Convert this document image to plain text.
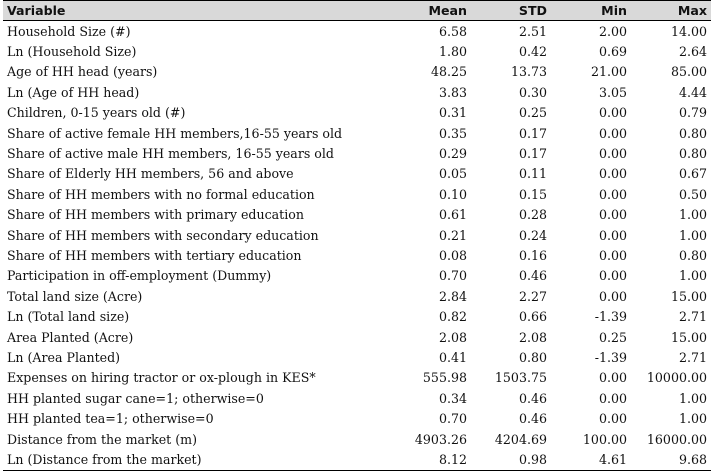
Variable	Mean	STD	Min	Max
Household Size (#)	6.58	2.51	2.00	14.00
Ln (Household Size)	1.80	0.42	0.69	2.64
Age of HH head (years)	48.25	13.73	21.00	85.00
Ln (Age of HH head)	3.83	0.30	3.05	4.44
Children, 0-15 years old (#)	0.31	0.25	0.00	0.79
Share of active female HH members,16-55 years old	0.35	0.17	0.00	0.80
Share of active male HH members, 16-55 years old	0.29	0.17	0.00	0.80
Share of Elderly HH members, 56 and above	0.05	0.11	0.00	0.67
Share of HH members with no formal education	0.10	0.15	0.00	0.50
Share of HH members with primary education	0.61	0.28	0.00	1.00
Share of HH members with secondary education	0.21	0.24	0.00	1.00
Share of HH members with tertiary education	0.08	0.16	0.00	0.80
Participation in off-employment (Dummy)	0.70	0.46	0.00	1.00
Total land size (Acre)	2.84	2.27	0.00	15.00
Ln (Total land size)	0.82	0.66	-1.39	2.71
Area Planted (Acre)	2.08	2.08	0.25	15.00
Ln (Area Planted)	0.41	0.80	-1.39	2.71
Expenses on hiring tractor or ox-plough in KES*	555.98	1503.75	0.00	10000.00
HH planted sugar cane=1; otherwise=0	0.34	0.46	0.00	1.00
HH planted tea=1; otherwise=0	0.70	0.46	0.00	1.00
Distance from the market (m)	4903.26	4204.69	100.00	16000.00
Ln (Distance from the market)	8.12	0.98	4.61	9.68
